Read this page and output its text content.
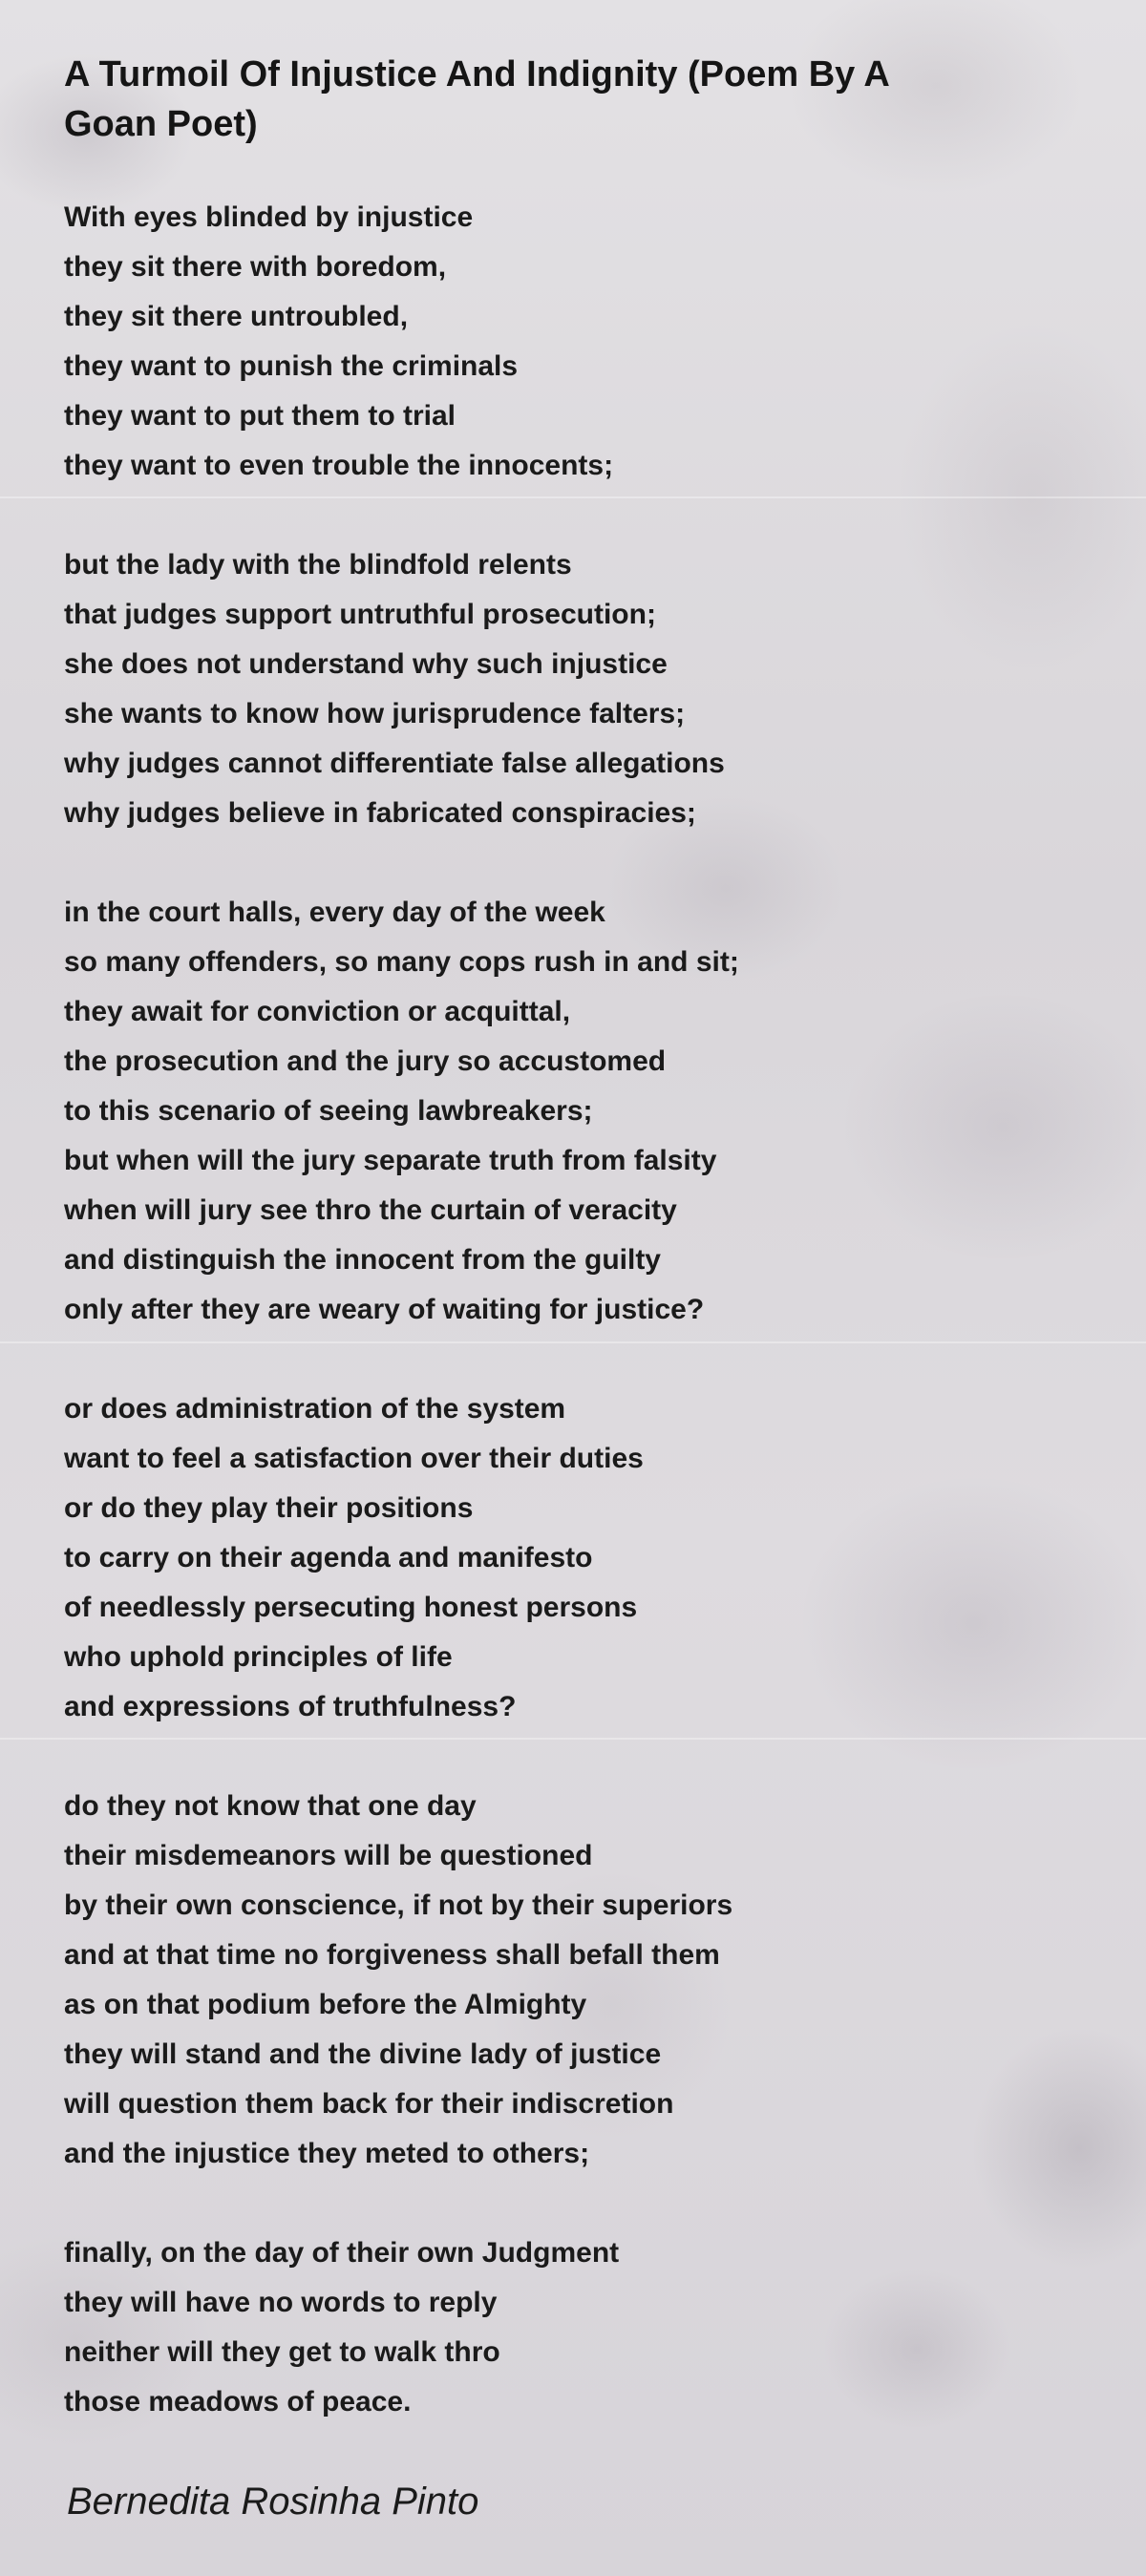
A Turmoil Of Injustice And Indignity (Poem By A Goan Poet)
With eyes blinded by injustice
they sit there with boredom,
they sit there untroubled,
they want to punish the criminals
they want to put them to trial
they want to even trouble the innocents;
but the lady with the blindfold relents
that judges support untruthful prosecution;
she does not understand why such injustice
she wants to know how jurisprudence falters;
why judges cannot differentiate false allegations
why judges believe in fabricated conspiracies;
in the court halls, every day of the week
so many offenders, so many cops rush in and sit;
they await for conviction or acquittal,
the prosecution and the jury so accustomed
to this scenario of seeing lawbreakers;
but when will the jury separate truth from falsity
when will jury see thro the curtain of veracity
and distinguish the innocent from the guilty
only after they are weary of waiting for justice?
or does administration of the system
want to feel a satisfaction over their duties
or do they play their positions
to carry on their agenda and manifesto
of needlessly persecuting honest persons
who uphold principles of life
and expressions of truthfulness?
do they not know that one day
their misdemeanors will be questioned
by their own conscience, if not by their superiors
and at that time no forgiveness shall befall them
as on that podium before the Almighty
they will stand and the divine lady of justice
will question them back for their indiscretion
and the injustice they meted to others;
finally, on the day of their own Judgment
they will have no words to reply
neither will they get to walk thro
those meadows of peace.
Bernedita Rosinha Pinto
